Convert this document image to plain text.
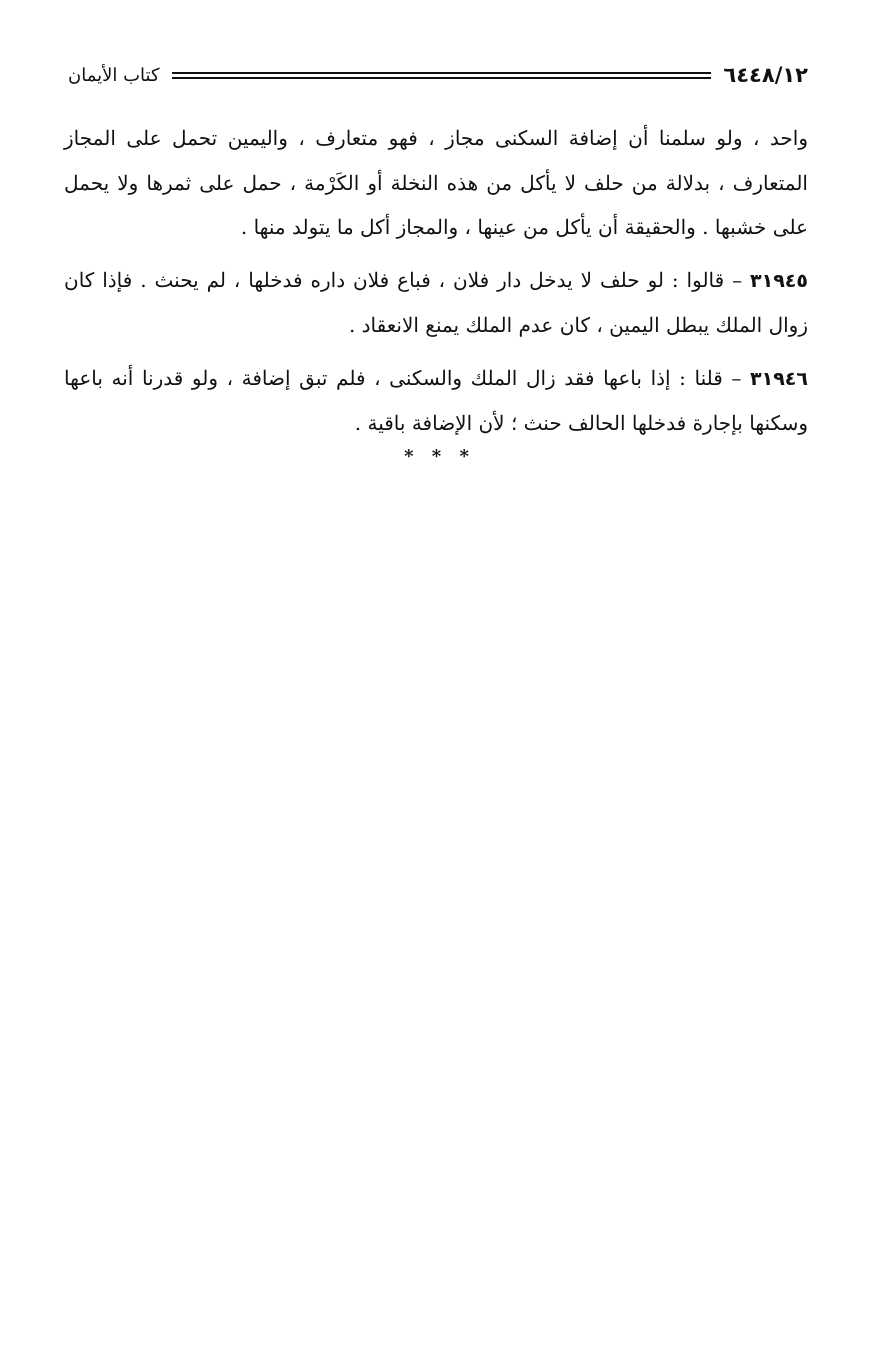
٦٤٤٨/١٢
كتاب الأيمان

واحد ، ولو سلمنا أن إضافة السكنى مجاز ، فهو متعارف ، واليمين تحمل على المجاز المتعارف ، بدلالة من حلف لا يأكل من هذه النخلة أو الكَرْمة ، حمل على ثمرها ولا يحمل على خشبها . والحقيقة أن يأكل من عينها ، والمجاز أكل ما يتولد منها .

٣١٩٤٥ – قالوا : لو حلف لا يدخل دار فلان ، فباع فلان داره فدخلها ، لم يحنث . فإذا كان زوال الملك يبطل اليمين ، كان عدم الملك يمنع الانعقاد .

٣١٩٤٦ – قلنا : إذا باعها فقد زال الملك والسكنى ، فلم تبق إضافة ، ولو قدرنا أنه باعها وسكنها بإجارة فدخلها الحالف حنث ؛ لأن الإضافة باقية .

* * *
